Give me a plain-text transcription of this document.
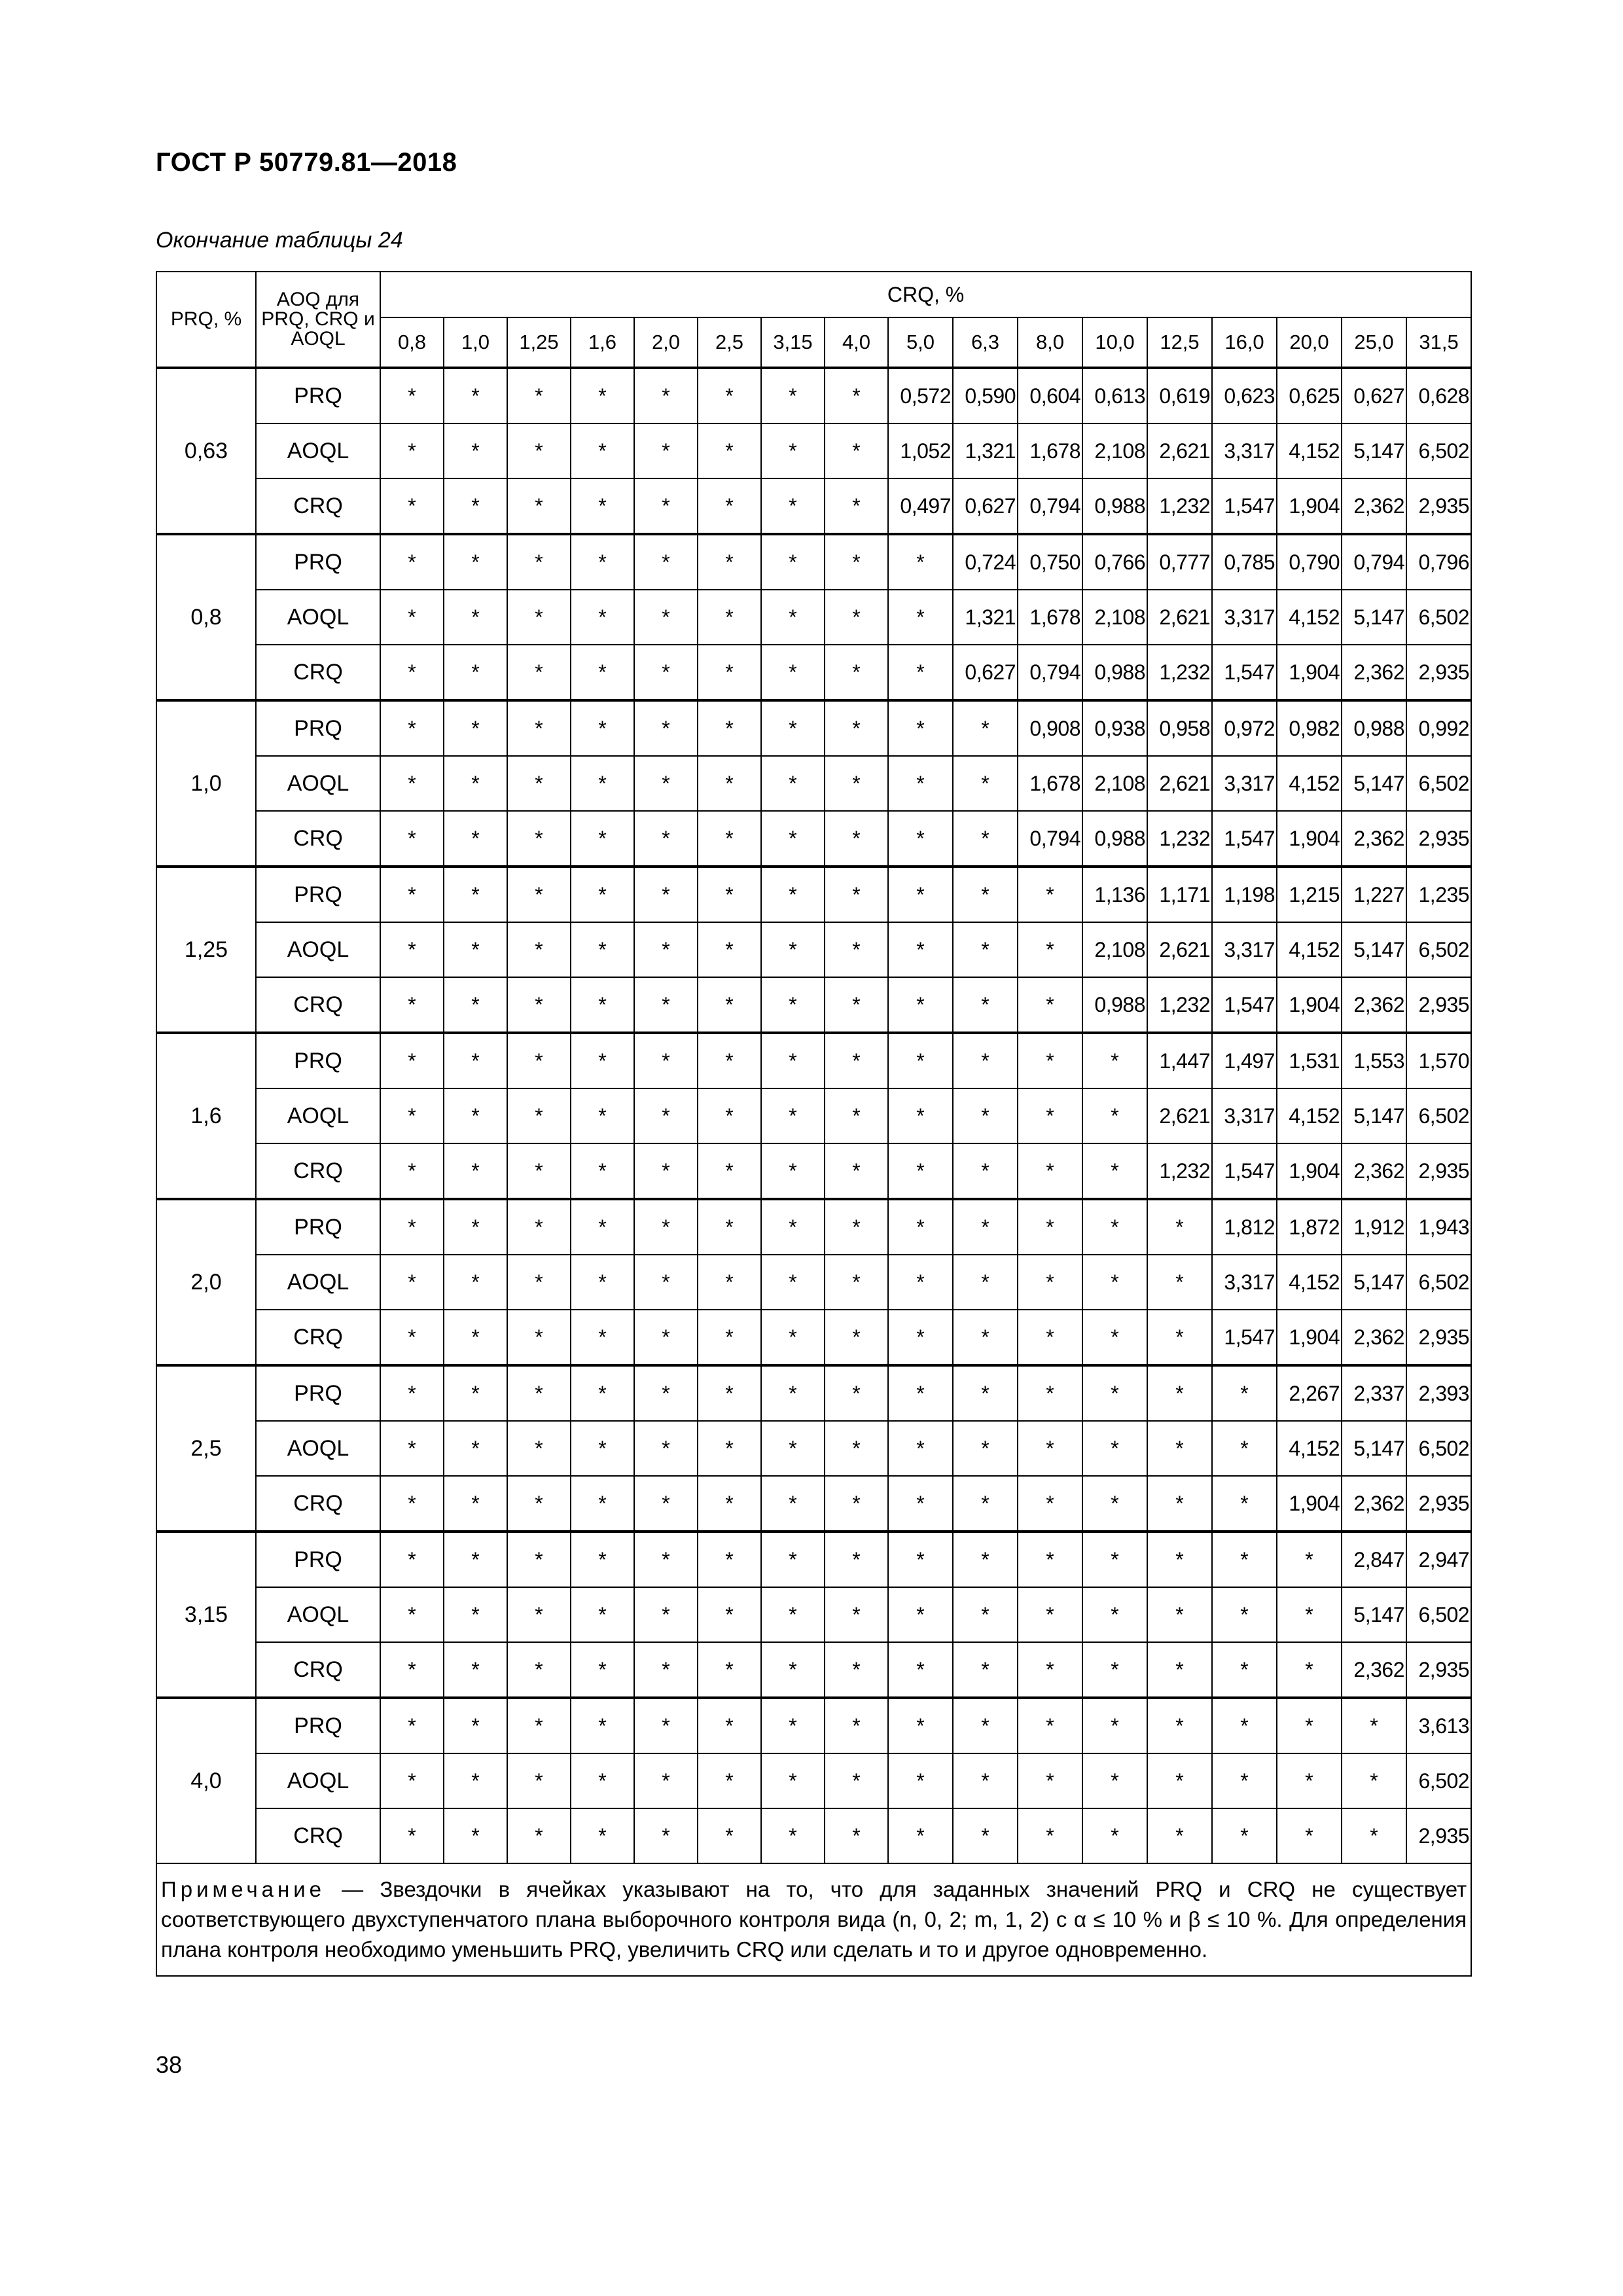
ГОСТ Р 50779.81—2018
Окончание таблицы 24
PRQ, %	AOQ для PRQ, CRQ и AOQL	CRQ, %																
		0,8	1,0	1,25	1,6	2,0	2,5	3,15	4,0	5,0	6,3	8,0	10,0	12,5	16,0	20,0	25,0	31,5
0,63	PRQ	*	*	*	*	*	*	*	*	0,572	0,590	0,604	0,613	0,619	0,623	0,625	0,627	0,628
	AOQL	*	*	*	*	*	*	*	*	1,052	1,321	1,678	2,108	2,621	3,317	4,152	5,147	6,502
	CRQ	*	*	*	*	*	*	*	*	0,497	0,627	0,794	0,988	1,232	1,547	1,904	2,362	2,935
0,8	PRQ	*	*	*	*	*	*	*	*	*	0,724	0,750	0,766	0,777	0,785	0,790	0,794	0,796
	AOQL	*	*	*	*	*	*	*	*	*	1,321	1,678	2,108	2,621	3,317	4,152	5,147	6,502
	CRQ	*	*	*	*	*	*	*	*	*	0,627	0,794	0,988	1,232	1,547	1,904	2,362	2,935
1,0	PRQ	*	*	*	*	*	*	*	*	*	*	0,908	0,938	0,958	0,972	0,982	0,988	0,992
	AOQL	*	*	*	*	*	*	*	*	*	*	1,678	2,108	2,621	3,317	4,152	5,147	6,502
	CRQ	*	*	*	*	*	*	*	*	*	*	0,794	0,988	1,232	1,547	1,904	2,362	2,935
1,25	PRQ	*	*	*	*	*	*	*	*	*	*	*	1,136	1,171	1,198	1,215	1,227	1,235
	AOQL	*	*	*	*	*	*	*	*	*	*	*	2,108	2,621	3,317	4,152	5,147	6,502
	CRQ	*	*	*	*	*	*	*	*	*	*	*	0,988	1,232	1,547	1,904	2,362	2,935
1,6	PRQ	*	*	*	*	*	*	*	*	*	*	*	*	1,447	1,497	1,531	1,553	1,570
	AOQL	*	*	*	*	*	*	*	*	*	*	*	*	2,621	3,317	4,152	5,147	6,502
	CRQ	*	*	*	*	*	*	*	*	*	*	*	*	1,232	1,547	1,904	2,362	2,935
2,0	PRQ	*	*	*	*	*	*	*	*	*	*	*	*	*	1,812	1,872	1,912	1,943
	AOQL	*	*	*	*	*	*	*	*	*	*	*	*	*	3,317	4,152	5,147	6,502
	CRQ	*	*	*	*	*	*	*	*	*	*	*	*	*	1,547	1,904	2,362	2,935
2,5	PRQ	*	*	*	*	*	*	*	*	*	*	*	*	*	*	2,267	2,337	2,393
	AOQL	*	*	*	*	*	*	*	*	*	*	*	*	*	*	4,152	5,147	6,502
	CRQ	*	*	*	*	*	*	*	*	*	*	*	*	*	*	1,904	2,362	2,935
3,15	PRQ	*	*	*	*	*	*	*	*	*	*	*	*	*	*	*	2,847	2,947
	AOQL	*	*	*	*	*	*	*	*	*	*	*	*	*	*	*	5,147	6,502
	CRQ	*	*	*	*	*	*	*	*	*	*	*	*	*	*	*	2,362	2,935
4,0	PRQ	*	*	*	*	*	*	*	*	*	*	*	*	*	*	*	*	3,613
	AOQL	*	*	*	*	*	*	*	*	*	*	*	*	*	*	*	*	6,502
	CRQ	*	*	*	*	*	*	*	*	*	*	*	*	*	*	*	*	2,935
Примечание — Звездочки в ячейках указывают на то, что для заданных значений PRQ и CRQ не существует соответствующего двухступенчатого плана выборочного контроля вида (n, 0, 2; m, 1, 2) с α ≤ 10 % и β ≤ 10 %. Для определения плана контроля необходимо уменьшить PRQ, увеличить CRQ или сделать и то и другое одновременно.																		
38
